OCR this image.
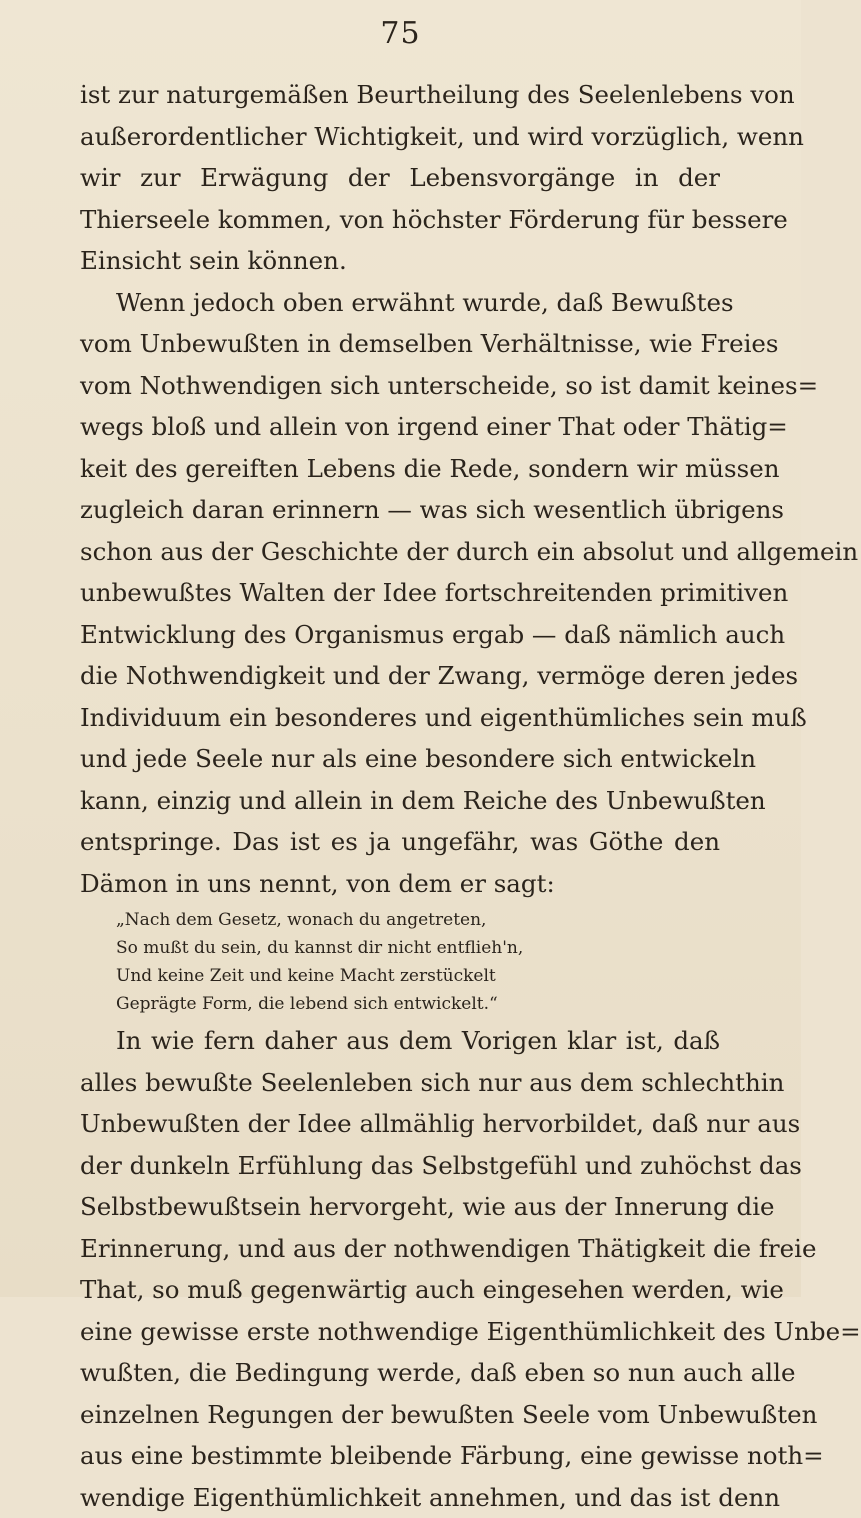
75
ist zur naturgemäßen Beurtheilung des Seelenlebens von
außerordentlicher Wichtigkeit, und wird vorzüglich, wenn
wir zur Erwägung der Lebensvorgänge in der
Thierseele kommen, von höchster Förderung für bessere
Einsicht sein können.
Wenn jedoch oben erwähnt wurde, daß Bewußtes
vom Unbewußten in demselben Verhältnisse, wie Freies
vom Nothwendigen sich unterscheide, so ist damit keines=
wegs bloß und allein von irgend einer That oder Thätig=
keit des gereiften Lebens die Rede, sondern wir müssen
zugleich daran erinnern — was sich wesentlich übrigens
schon aus der Geschichte der durch ein absolut und allgemein
unbewußtes Walten der Idee fortschreitenden primitiven
Entwicklung des Organismus ergab — daß nämlich auch
die Nothwendigkeit und der Zwang, vermöge deren jedes
Individuum ein besonderes und eigenthümliches sein muß
und jede Seele nur als eine besondere sich entwickeln
kann, einzig und allein in dem Reiche des Unbewußten
entspringe. Das ist es ja ungefähr, was Göthe den
Dämon in uns nennt, von dem er sagt:
„Nach dem Gesetz, wonach du angetreten,
So mußt du sein, du kannst dir nicht entflieh'n,
Und keine Zeit und keine Macht zerstückelt
Geprägte Form, die lebend sich entwickelt.“
In wie fern daher aus dem Vorigen klar ist, daß
alles bewußte Seelenleben sich nur aus dem schlechthin
Unbewußten der Idee allmählig hervorbildet, daß nur aus
der dunkeln Erfühlung das Selbstgefühl und zuhöchst das
Selbstbewußtsein hervorgeht, wie aus der Innerung die
Erinnerung, und aus der nothwendigen Thätigkeit die freie
That, so muß gegenwärtig auch eingesehen werden, wie
eine gewisse erste nothwendige Eigenthümlichkeit des Unbe=
wußten, die Bedingung werde, daß eben so nun auch alle
einzelnen Regungen der bewußten Seele vom Unbewußten
aus eine bestimmte bleibende Färbung, eine gewisse noth=
wendige Eigenthümlichkeit annehmen, und das ist denn
